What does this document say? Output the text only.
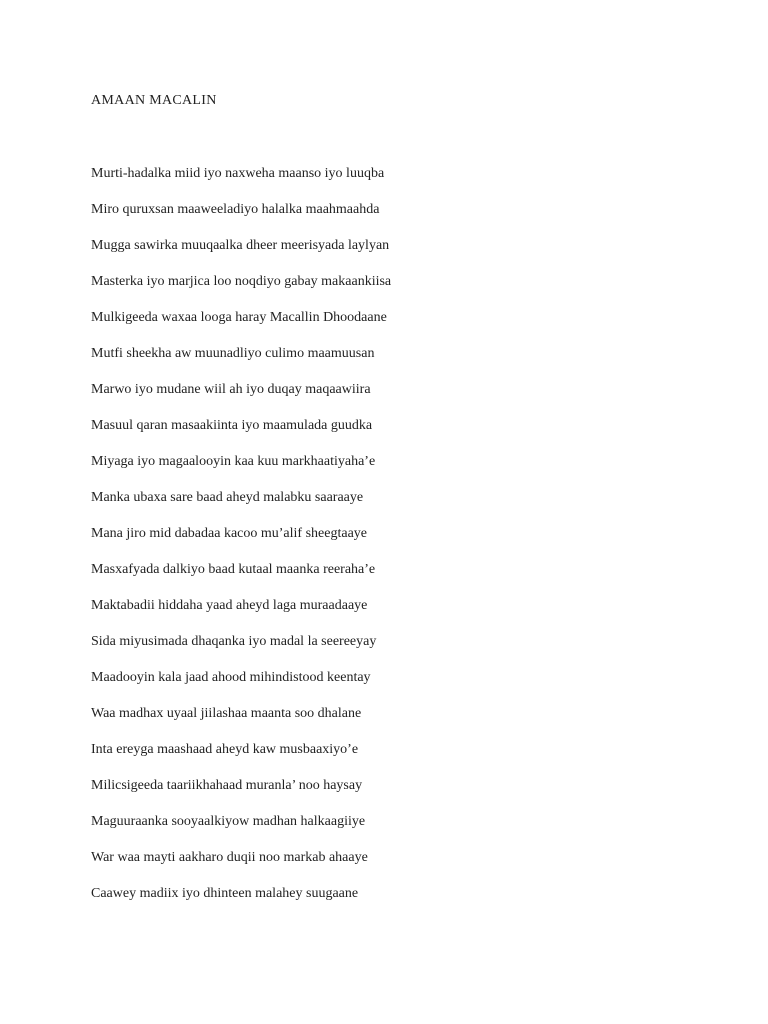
AMAAN MACALIN
Murti-hadalka miid iyo naxweha maanso iyo luuqba
Miro quruxsan maaweeladiyo halalka maahmaahda
Mugga sawirka muuqaalka dheer meerisyada laylyan
Masterka iyo marjica loo noqdiyo gabay makaankiisa
Mulkigeeda waxaa looga haray Macallin Dhoodaane
Mutfi sheekha aw muunadliyo culimo maamuusan
Marwo iyo mudane wiil ah iyo duqay maqaawiira
Masuul qaran masaakiinta iyo maamulada guudka
Miyaga iyo magaalooyin kaa kuu markhaatiyaha’e
Manka ubaxa sare baad aheyd malabku saaraaye
Mana jiro mid dabadaa kacoo mu’alif sheegtaaye
Masxafyada dalkiyo baad kutaal maanka reeraha’e
Maktabadii hiddaha yaad aheyd laga muraadaaye
Sida miyusimada dhaqanka iyo madal la seereeyay
Maadooyin kala jaad ahood mihindistood keentay
Waa madhax uyaal jiilashaa maanta soo dhalane
Inta ereyga maashaad aheyd kaw musbaaxiyo’e
Milicsigeeda taariikhahaad muranla’ noo haysay
Maguuraanka sooyaalkiyow madhan halkaagiiye
War waa mayti aakharo duqii noo markab ahaaye
Caawey madiix iyo dhinteen malahey suugaane
